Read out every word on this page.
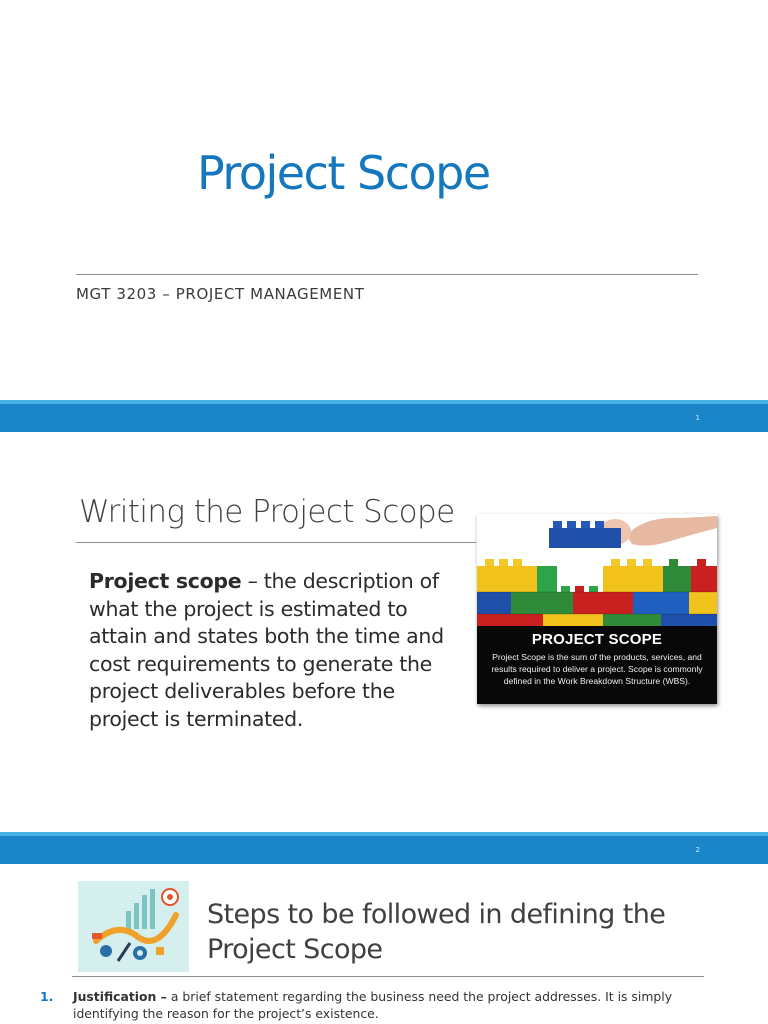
Project Scope
MGT 3203 – PROJECT MANAGEMENT
1
Writing the Project Scope
Project scope – the description of what the project is estimated to attain and states both the time and cost requirements to generate the project deliverables before the project is terminated.
PROJECT SCOPE
Project Scope is the sum of the products, services, and results required to deliver a project. Scope is commonly defined in the Work Breakdown Structure (WBS).
2
Steps to be followed in defining the Project Scope
1. Justification – a brief statement regarding the business need the project addresses. It is simply identifying the reason for the project’s existence.
